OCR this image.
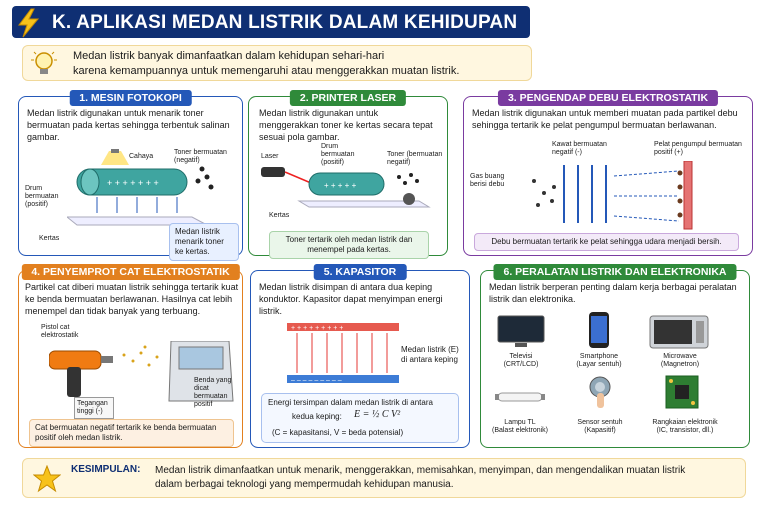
K. APLIKASI MEDAN LISTRIK DALAM KEHIDUPAN

Medan listrik banyak dimanfaatkan dalam kehidupan sehari-hari
karena kemampuannya untuk memengaruhi atau menggerakkan muatan listrik.

1. MESIN FOTOKOPI
Medan listrik digunakan untuk menarik toner bermuatan pada kertas sehingga terbentuk salinan gambar.
+ + + + + + +
Cahaya
Toner bermuatan (negatif)
Drum bermuatan (positif)
Kertas
Medan listrik menarik toner ke kertas.
2. PRINTER LASER
Medan listrik digunakan untuk menggerakkan toner ke kertas secara tepat sesuai pola gambar.
+ + + + +
Laser
Drum bermuatan (positif)
Toner (bermuatan negatif)
Kertas
Toner tertarik oleh medan listrik dan menempel pada kertas.
3. PENGENDAP DEBU ELEKTROSTATIK
Medan listrik digunakan untuk memberi muatan pada partikel debu sehingga tertarik ke pelat pengumpul bermuatan berlawanan.
Kawat bermuatan negatif (-)
Pelat pengumpul bermuatan positif (+)
Gas buang berisi debu
Debu bermuatan tertarik ke pelat sehingga udara menjadi bersih.
4. PENYEMPROT CAT ELEKTROSTATIK
Partikel cat diberi muatan listrik sehingga tertarik kuat ke benda bermuatan berlawanan. Hasilnya cat lebih menempel dan tidak banyak yang terbuang.
Pistol cat elektrostatik
Benda yang dicat bermuatan positif
Tegangan tinggi (-)
Cat bermuatan negatif tertarik ke benda bermuatan positif oleh medan listrik.
5. KAPASITOR
Medan listrik disimpan di antara dua keping konduktor. Kapasitor dapat menyimpan energi listrik.
+ + + + + + + + +
– – – – – – – – –
Medan listrik (E) di antara keping
Energi tersimpan dalam medan listrik di antara
kedua keping: E = ½ C V²
(C = kapasitansi, V = beda potensial)
6. PERALATAN LISTRIK DAN ELEKTRONIKA
Medan listrik berperan penting dalam kerja berbagai peralatan listrik dan elektronika.
Televisi
(CRT/LCD)
Smartphone
(Layar sentuh)
Microwave
(Magnetron)
Lampu TL
(Balast elektronik)
Sensor sentuh
(Kapasitif)
Rangkaian elektronik
(IC, transistor, dll.)
KESIMPULAN: Medan listrik dimanfaatkan untuk menarik, menggerakkan, memisahkan, menyimpan, dan mengendalikan muatan listrik
dalam berbagai teknologi yang mempermudah kehidupan manusia.
